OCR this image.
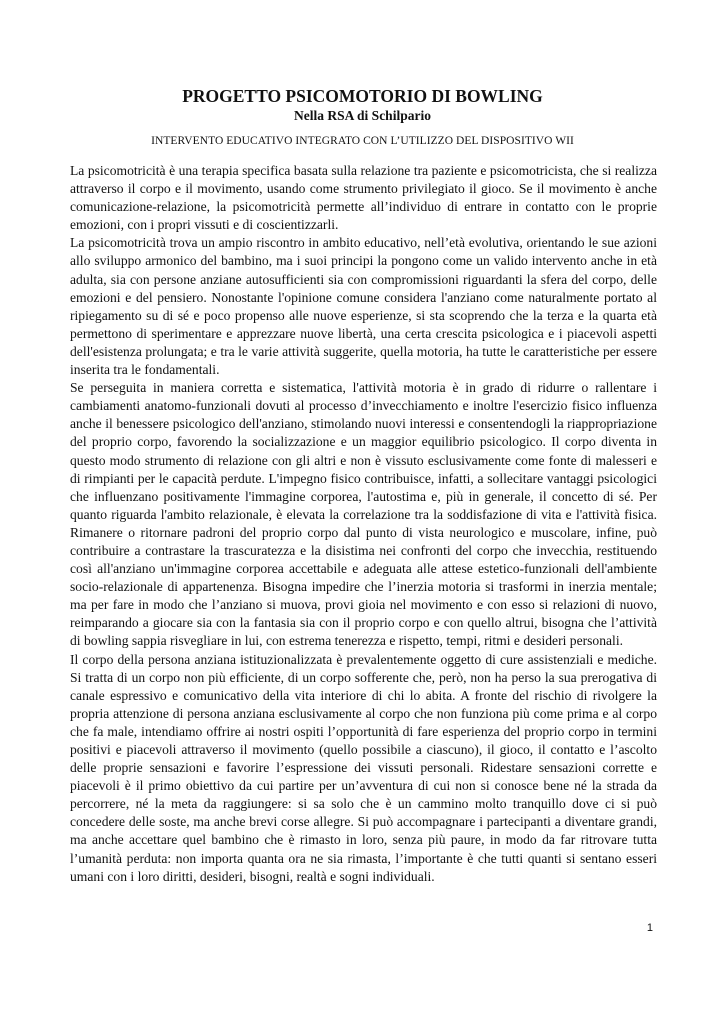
PROGETTO PSICOMOTORIO DI BOWLING
Nella RSA di Schilpario
INTERVENTO EDUCATIVO INTEGRATO CON L’UTILIZZO DEL DISPOSITIVO WII

La psicomotricità è una terapia specifica basata sulla relazione tra paziente e psicomotricista, che si realizza attraverso il corpo e il movimento, usando come strumento privilegiato il gioco. Se il movimento è anche comunicazione-relazione, la psicomotricità permette all’individuo di entrare in contatto con le proprie emozioni, con i propri vissuti e di coscientizzarli.

La psicomotricità trova un ampio riscontro in ambito educativo, nell’età evolutiva, orientando le sue azioni allo sviluppo armonico del bambino, ma i suoi principi la pongono come un valido intervento anche in età adulta, sia con persone anziane autosufficienti sia con compromissioni riguardanti la sfera del corpo, delle emozioni e del pensiero. Nonostante l'opinione comune considera l'anziano come naturalmente portato al ripiegamento su di sé e poco propenso alle nuove esperienze, si sta scoprendo che la terza e la quarta età permettono di sperimentare e apprezzare nuove libertà, una certa crescita psicologica e i piacevoli aspetti dell'esistenza prolungata; e tra le varie attività suggerite, quella motoria, ha tutte le caratteristiche per essere inserita tra le fondamentali.

Se perseguita in maniera corretta e sistematica, l'attività motoria è in grado di ridurre o rallentare i cambiamenti anatomo-funzionali dovuti al processo d’invecchiamento e inoltre l'esercizio fisico influenza anche il benessere psicologico dell'anziano, stimolando nuovi interessi e consentendogli la riappropriazione del proprio corpo, favorendo la socializzazione e un maggior equilibrio psicologico. Il corpo diventa in questo modo strumento di relazione con gli altri e non è vissuto esclusivamente come fonte di malesseri e di rimpianti per le capacità perdute. L'impegno fisico contribuisce, infatti, a sollecitare vantaggi psicologici che influenzano positivamente l'immagine corporea, l'autostima e, più in generale, il concetto di sé. Per quanto riguarda l'ambito relazionale, è elevata la correlazione tra la soddisfazione di vita e l'attività fisica. Rimanere o ritornare padroni del proprio corpo dal punto di vista neurologico e muscolare, infine, può contribuire a contrastare la trascuratezza e la disistima nei confronti del corpo che invecchia, restituendo così all'anziano un'immagine corporea accettabile e adeguata alle attese estetico-funzionali dell'ambiente socio-relazionale di appartenenza. Bisogna impedire che l’inerzia motoria si trasformi in inerzia mentale; ma per fare in modo che l’anziano si muova, provi gioia nel movimento e con esso si relazioni di nuovo, reimparando a giocare sia con la fantasia sia con il proprio corpo e con quello altrui, bisogna che l’attività di bowling sappia risvegliare in lui, con estrema tenerezza e rispetto, tempi, ritmi e desideri personali.

Il corpo della persona anziana istituzionalizzata è prevalentemente oggetto di cure assistenziali e mediche. Si tratta di un corpo non più efficiente, di un corpo sofferente che, però, non ha perso la sua prerogativa di canale espressivo e comunicativo della vita interiore di chi lo abita. A fronte del rischio di rivolgere la propria attenzione di persona anziana esclusivamente al corpo che non funziona più come prima e al corpo che fa male, intendiamo offrire ai nostri ospiti l’opportunità di fare esperienza del proprio corpo in termini positivi e piacevoli attraverso il movimento (quello possibile a ciascuno), il gioco, il contatto e l’ascolto delle proprie sensazioni e favorire l’espressione dei vissuti personali. Ridestare sensazioni corrette e piacevoli è il primo obiettivo da cui partire per un’avventura di cui non si conosce bene né la strada da percorrere, né la meta da raggiungere: si sa solo che è un cammino molto tranquillo dove ci si può concedere delle soste, ma anche brevi corse allegre. Si può accompagnare i partecipanti a diventare grandi, ma anche accettare quel bambino che è rimasto in loro, senza più paure, in modo da far ritrovare tutta l’umanità perduta: non importa quanta ora ne sia rimasta, l’importante è che tutti quanti si sentano esseri umani con i loro diritti, desideri, bisogni, realtà e sogni individuali.

1
